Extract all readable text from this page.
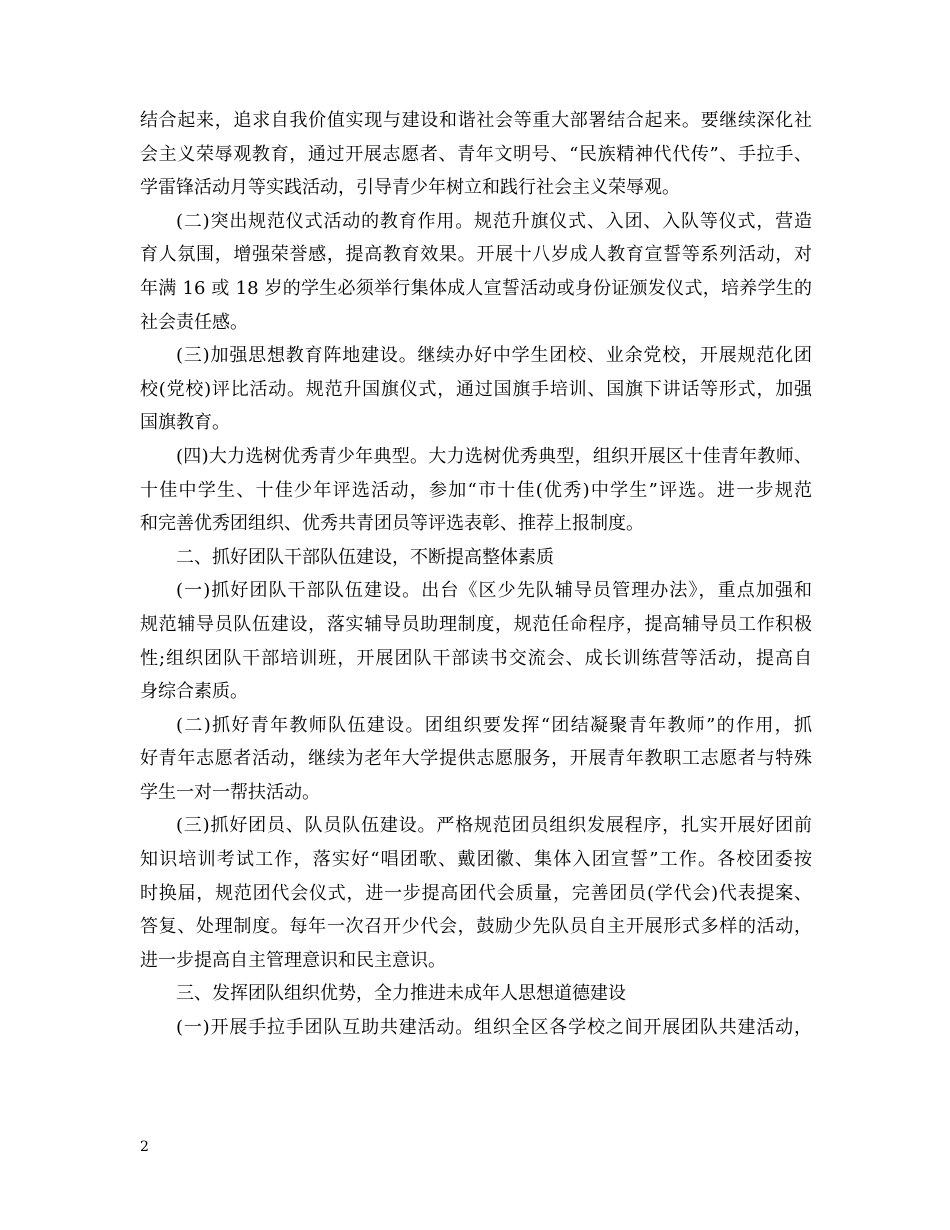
结合起来，追求自我价值实现与建设和谐社会等重大部署结合起来。要继续深化社
会主义荣辱观教育，通过开展志愿者、青年文明号、“民族精神代代传”、手拉手、
学雷锋活动月等实践活动，引导青少年树立和践行社会主义荣辱观。
(二)突出规范仪式活动的教育作用。规范升旗仪式、入团、入队等仪式，营造
育人氛围，增强荣誉感，提高教育效果。开展十八岁成人教育宣誓等系列活动，对
年满 16 或 18 岁的学生必须举行集体成人宣誓活动或身份证颁发仪式，培养学生的
社会责任感。
(三)加强思想教育阵地建设。继续办好中学生团校、业余党校，开展规范化团
校(党校)评比活动。规范升国旗仪式，通过国旗手培训、国旗下讲话等形式，加强
国旗教育。
(四)大力选树优秀青少年典型。大力选树优秀典型，组织开展区十佳青年教师、
十佳中学生、十佳少年评选活动，参加“市十佳(优秀)中学生”评选。进一步规范
和完善优秀团组织、优秀共青团员等评选表彰、推荐上报制度。
二、抓好团队干部队伍建设，不断提高整体素质
(一)抓好团队干部队伍建设。出台《区少先队辅导员管理办法》，重点加强和
规范辅导员队伍建设，落实辅导员助理制度，规范任命程序，提高辅导员工作积极
性;组织团队干部培训班，开展团队干部读书交流会、成长训练营等活动，提高自
身综合素质。
(二)抓好青年教师队伍建设。团组织要发挥“团结凝聚青年教师”的作用，抓
好青年志愿者活动，继续为老年大学提供志愿服务，开展青年教职工志愿者与特殊
学生一对一帮扶活动。
(三)抓好团员、队员队伍建设。严格规范团员组织发展程序，扎实开展好团前
知识培训考试工作，落实好“唱团歌、戴团徽、集体入团宣誓”工作。各校团委按
时换届，规范团代会仪式，进一步提高团代会质量，完善团员(学代会)代表提案、
答复、处理制度。每年一次召开少代会，鼓励少先队员自主开展形式多样的活动，
进一步提高自主管理意识和民主意识。
三、发挥团队组织优势，全力推进未成年人思想道德建设
(一)开展手拉手团队互助共建活动。组织全区各学校之间开展团队共建活动，
2
